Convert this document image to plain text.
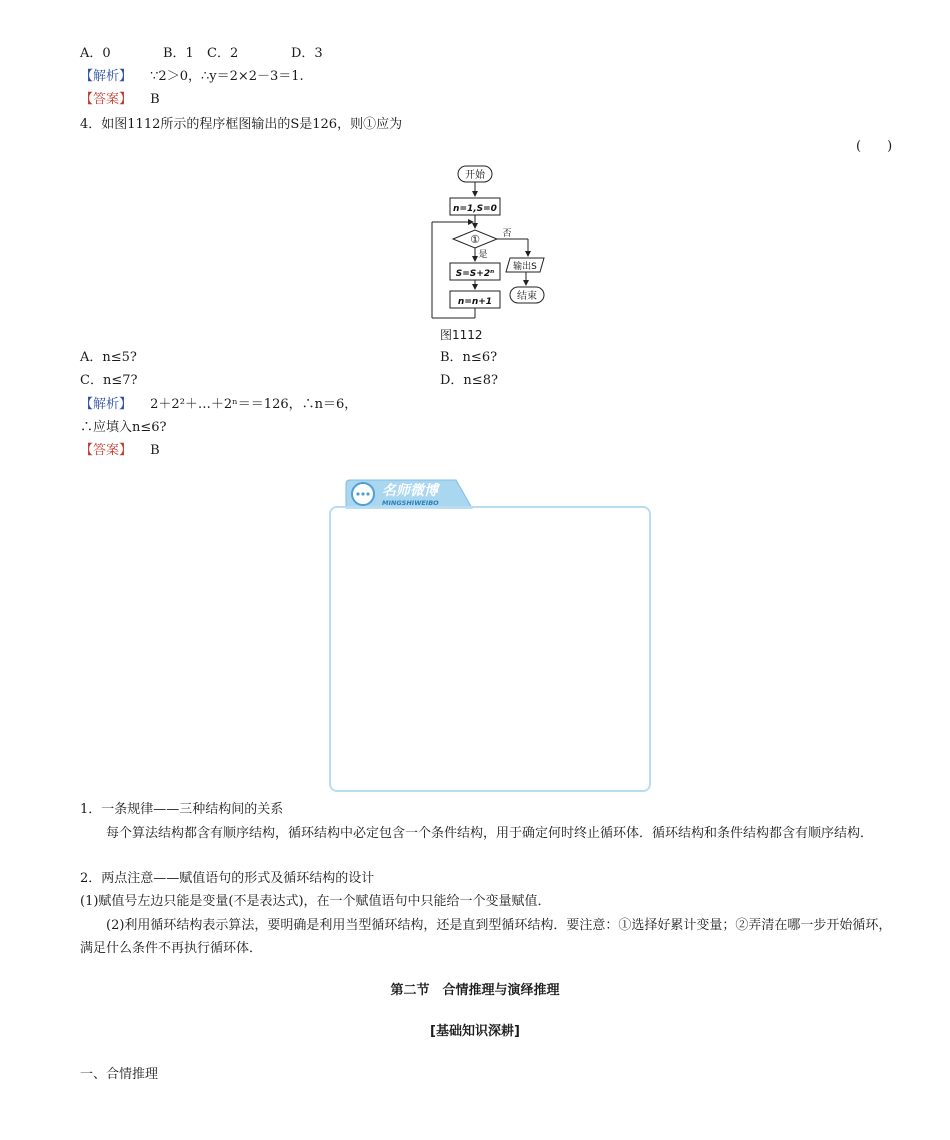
A．0	B．1 C．2	D．3
【解析】 ∵2＞0，∴y＝2×2－3＝1.
【答案】 B
4．如图1112所示的程序框图输出的S是126，则①应为
(　　)
开始
n=1,S=0
①	否
是
输出S
S=S+2ⁿ
n=n+1 结束
图1112
A．n≤5?	B．n≤6?
C．n≤7?	D．n≤8?
【解析】 2＋2²＋…＋2ⁿ＝＝126，∴n＝6，
∴应填入n≤6?
【答案】 B
名师微博
MINGSHIWEIBO
1．一条规律——三种结构间的关系
每个算法结构都含有顺序结构，循环结构中必定包含一个条件结构，用于确定何时终止循环体．循环结构和条件结构都含有顺序结构．
2．两点注意——赋值语句的形式及循环结构的设计
(1)赋值号左边只能是变量(不是表达式)，在一个赋值语句中只能给一个变量赋值．
(2)利用循环结构表示算法，要明确是利用当型循环结构，还是直到型循环结构．要注意：①选择好累计变量；②弄清在哪一步开始循环，满足什么条件不再执行循环体．
第二节　合情推理与演绎推理
[基础知识深耕]
一、合情推理
